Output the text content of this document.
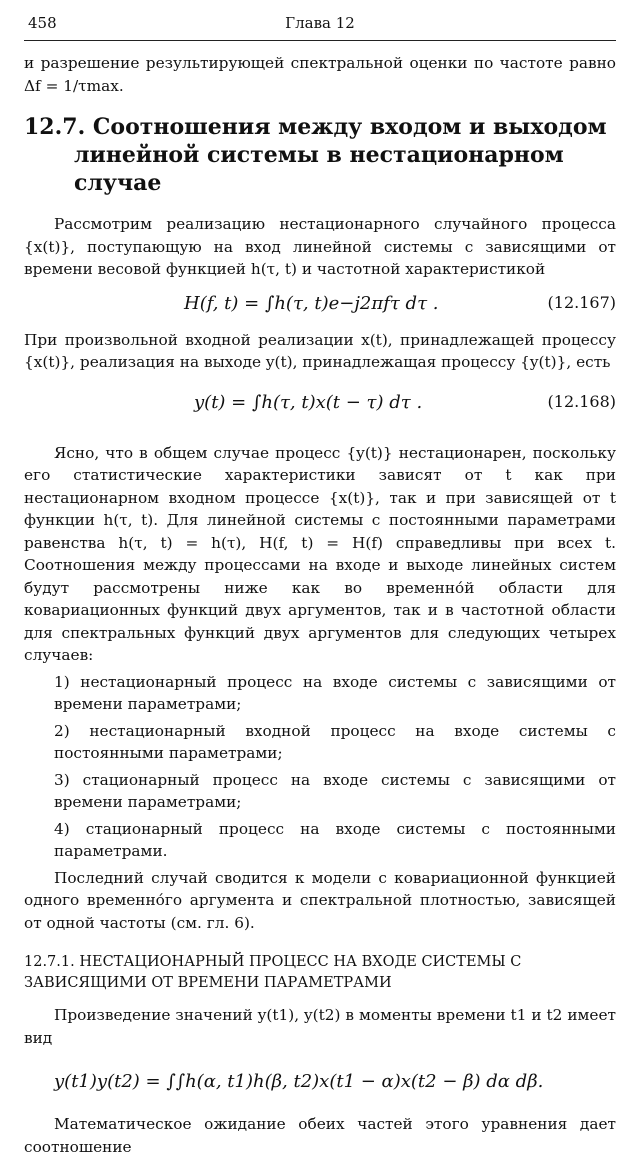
458	Глава 12

и разрешение результирующей спектральной оценки по частоте равно Δf = 1/τmax.

12.7. Соотношения между входом и выходом линейной системы в нестационарном случае

Рассмотрим реализацию нестационарного случайного процесса {x(t)}, поступающую на вход линейной системы с зависящими от времени весовой функцией h(τ, t) и частотной характеристикой

H(f, t) = ∫h(τ, t)e−j2πfτ dτ .	(12.167)

При произвольной входной реализации x(t), принадлежащей процессу {x(t)}, реализация на выходе y(t), принадлежащая процессу {y(t)}, есть

y(t) = ∫h(τ, t)x(t − τ) dτ .	(12.168)

Ясно, что в общем случае процесс {y(t)} нестационарен, поскольку его статистические характеристики зависят от t как при нестационарном входном процессе {x(t)}, так и при зависящей от t функции h(τ, t). Для линейной системы с постоянными параметрами равенства h(τ, t) = h(τ), H(f, t) = H(f) справедливы при всех t. Соотношения между процессами на входе и выходе линейных систем будут рассмотрены ниже как во временно́й области для ковариационных функций двух аргументов, так и в частотной области для спектральных функций двух аргументов для следующих четырех случаев:

1) нестационарный процесс на входе системы с зависящими от времени параметрами;
2) нестационарный входной процесс на входе системы с постоянными параметрами;
3) стационарный процесс на входе системы с зависящими от времени параметрами;
4) стационарный процесс на входе системы с постоянными параметрами.

Последний случай сводится к модели с ковариационной функцией одного временно́го аргумента и спектральной плотностью, зависящей от одной частоты (см. гл. 6).

12.7.1. НЕСТАЦИОНАРНЫЙ ПРОЦЕСС НА ВХОДЕ СИСТЕМЫ С ЗАВИСЯЩИМИ ОТ ВРЕМЕНИ ПАРАМЕТРАМИ

Произведение значений y(t1), y(t2) в моменты времени t1 и t2 имеет вид

y(t1)y(t2) = ∫∫h(α, t1)h(β, t2)x(t1 − α)x(t2 − β) dα dβ.

Математическое ожидание обеих частей этого уравнения дает соотношение
